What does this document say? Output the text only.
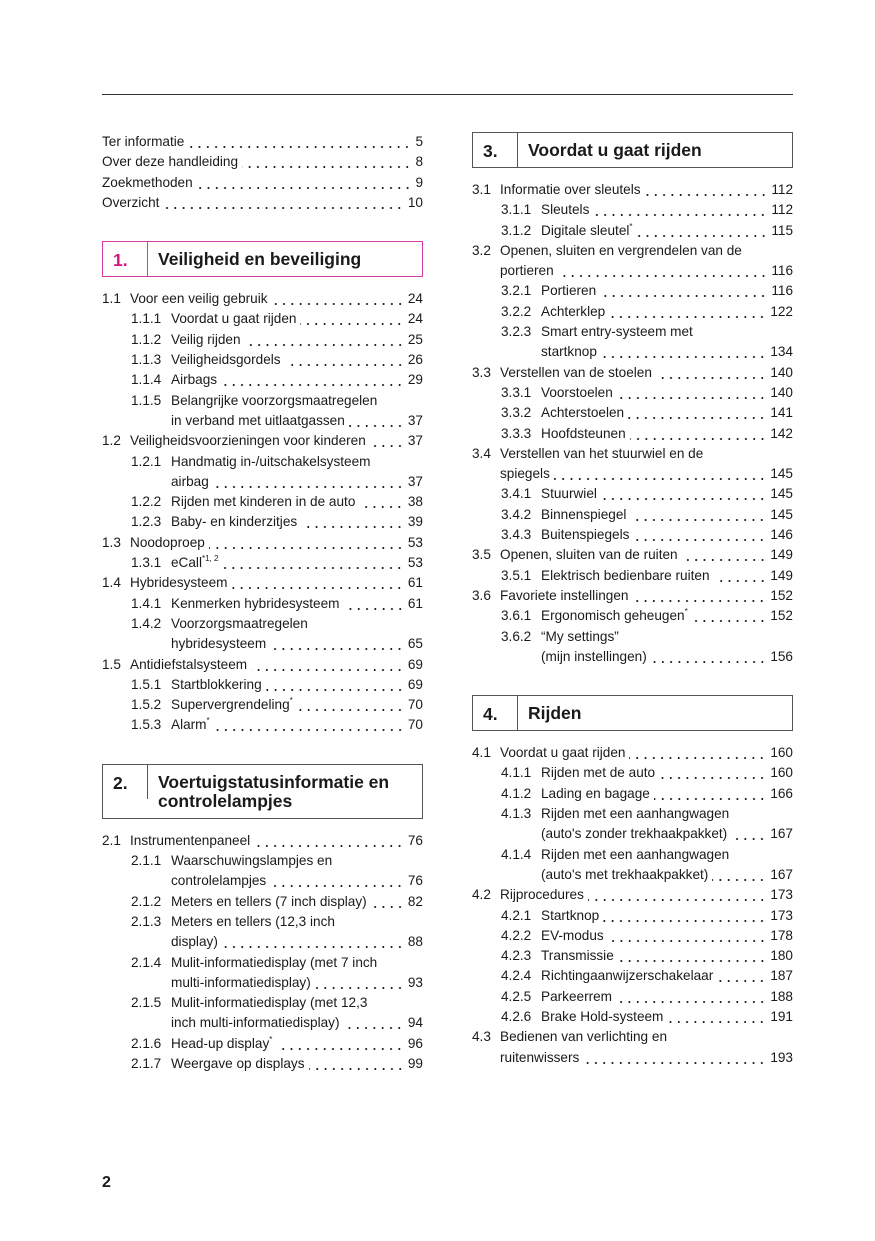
Ter informatie	5
Over deze handleiding	8
Zoekmethoden	9
Overzicht	10
1.	Veiligheid en beveiliging
1.1 Voor een veilig gebruik	24
1.1.1 Voordat u gaat rijden	24
1.1.2 Veilig rijden	25
1.1.3 Veiligheidsgordels	26
1.1.4 Airbags	29
1.1.5 Belangrijke voorzorgsmaatregelen
in verband met uitlaatgassen	37
1.2 Veiligheidsvoorzieningen voor kinderen	37
1.2.1 Handmatig in-/uitschakelsysteem
airbag	37
1.2.2 Rijden met kinderen in de auto	38
1.2.3 Baby- en kinderzitjes	39
1.3 Noodoproep	53
1.3.1 eCall$^{*1, 2}$	53
1.4 Hybridesysteem	61
1.4.1 Kenmerken hybridesysteem	61
1.4.2 Voorzorgsmaatregelen
hybridesysteem	65
1.5 Antidiefstalsysteem	69
1.5.1 Startblokkering	69
1.5.2 Supervergrendeling*	70
1.5.3 Alarm*	70
2.	Voertuigstatusinformatie en controlelampjes
2.1 Instrumentenpaneel	76
2.1.1 Waarschuwingslampjes en
controlelampjes	76
2.1.2 Meters en tellers (7 inch display)	82
2.1.3 Meters en tellers (12,3 inch
display)	88
2.1.4 Mulit-informatiedisplay (met 7 inch
multi-informatiedisplay)	93
2.1.5 Mulit-informatiedisplay (met 12,3
inch multi-informatiedisplay)	94
2.1.6 Head-up display*	96
2.1.7 Weergave op displays	99
3.	Voordat u gaat rijden
3.1 Informatie over sleutels	112
3.1.1 Sleutels	112
3.1.2 Digitale sleutel*	115
3.2 Openen, sluiten en vergrendelen van de
portieren	116
3.2.1 Portieren	116
3.2.2 Achterklep	122
3.2.3 Smart entry-systeem met
startknop	134
3.3 Verstellen van de stoelen	140
3.3.1 Voorstoelen	140
3.3.2 Achterstoelen	141
3.3.3 Hoofdsteunen	142
3.4 Verstellen van het stuurwiel en de
spiegels	145
3.4.1 Stuurwiel	145
3.4.2 Binnenspiegel	145
3.4.3 Buitenspiegels	146
3.5 Openen, sluiten van de ruiten	149
3.5.1 Elektrisch bedienbare ruiten	149
3.6 Favoriete instellingen	152
3.6.1 Ergonomisch geheugen*	152
3.6.2 “My settings”
(mijn instellingen)	156
4.	Rijden
4.1 Voordat u gaat rijden	160
4.1.1 Rijden met de auto	160
4.1.2 Lading en bagage	166
4.1.3 Rijden met een aanhangwagen
(auto's zonder trekhaakpakket)	167
4.1.4 Rijden met een aanhangwagen
(auto's met trekhaakpakket)	167
4.2 Rijprocedures	173
4.2.1 Startknop	173
4.2.2 EV-modus	178
4.2.3 Transmissie	180
4.2.4 Richtingaanwijzerschakelaar	187
4.2.5 Parkeerrem	188
4.2.6 Brake Hold-systeem	191
4.3 Bedienen van verlichting en
ruitenwissers	193
2
